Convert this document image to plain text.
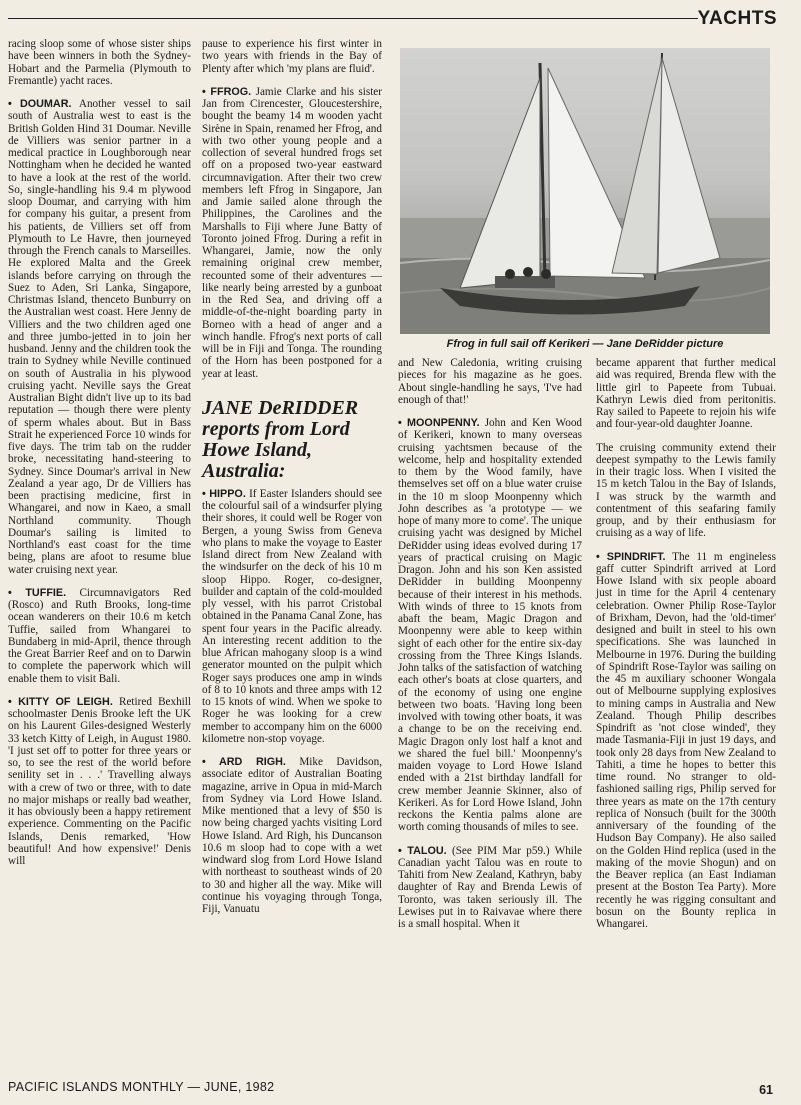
YACHTS

racing sloop some of whose sister ships have been winners in both the Sydney-Hobart and the Parmelia (Plymouth to Fremantle) yacht races.

• DOUMAR. Another vessel to sail south of Australia west to east is the British Golden Hind 31 Doumar. Neville de Villiers was senior partner in a medical practice in Loughborough near Nottingham when he decided he wanted to have a look at the rest of the world. So, single-handling his 9.4 m plywood sloop Doumar, and carrying with him for company his guitar, a present from his patients, de Villiers set off from Plymouth to Le Havre, then journeyed through the French canals to Marseilles. He explored Malta and the Greek islands before carrying on through the Suez to Aden, Sri Lanka, Singapore, Christmas Island, thenceto Bunburry on the Australian west coast. Here Jenny de Villiers and the two children aged one and three jumbo-jetted in to join her husband. Jenny and the children took the train to Sydney while Neville continued on south of Australia in his plywood cruising yacht. Neville says the Great Australian Bight didn't live up to its bad reputation — though there were plenty of sperm whales about. But in Bass Strait he experienced Force 10 winds for five days. The trim tab on the rudder broke, necessitating hand-steering to Sydney. Since Doumar's arrival in New Zealand a year ago, Dr de Villiers has been practising medicine, first in Whangarei, and now in Kaeo, a small Northland community. Though Doumar's sailing is limited to Northland's east coast for the time being, plans are afoot to resume blue water cruising next year.

• TUFFIE. Circumnavigators Red (Rosco) and Ruth Brooks, long-time ocean wanderers on their 10.6 m ketch Tuffie, sailed from Whangarei to Bundaberg in mid-April, thence through the Great Barrier Reef and on to Darwin to complete the paperwork which will enable them to visit Bali.

• KITTY OF LEIGH. Retired Bexhill schoolmaster Denis Brooke left the UK on his Laurent Giles-designed Westerly 33 ketch Kitty of Leigh, in August 1980. 'I just set off to potter for three years or so, to see the rest of the world before senility set in . . .' Travelling always with a crew of two or three, with to date no major mishaps or really bad weather, it has obviously been a happy retirement experience. Commenting on the Pacific Islands, Denis remarked, 'How beautiful! And how expensive!' Denis will

pause to experience his first winter in two years with friends in the Bay of Plenty after which 'my plans are fluid'.

• FFROG. Jamie Clarke and his sister Jan from Cirencester, Gloucestershire, bought the beamy 14 m wooden yacht Sirène in Spain, renamed her Ffrog, and with two other young people and a collection of several hundred frogs set off on a proposed two-year eastward circumnavigation. After their two crew members left Ffrog in Singapore, Jan and Jamie sailed alone through the Philippines, the Carolines and the Marshalls to Fiji where June Batty of Toronto joined Ffrog. During a refit in Whangarei, Jamie, now the only remaining original crew member, recounted some of their adventures — like nearly being arrested by a gunboat in the Red Sea, and driving off a middle-of-the-night boarding party in Borneo with a head of anger and a winch handle. Ffrog's next ports of call will be in Fiji and Tonga. The rounding of the Horn has been postponed for a year at least.

JANE DeRIDDER reports from Lord Howe Island, Australia:

• HIPPO. If Easter Islanders should see the colourful sail of a windsurfer plying their shores, it could well be Roger von Bergen, a young Swiss from Geneva who plans to make the voyage to Easter Island direct from New Zealand with the windsurfer on the deck of his 10 m sloop Hippo. Roger, co-designer, builder and captain of the cold-moulded ply vessel, with his parrot Cristobal obtained in the Panama Canal Zone, has spent four years in the Pacific already. An interesting recent addition to the blue African mahogany sloop is a wind generator mounted on the pulpit which Roger says produces one amp in winds of 8 to 10 knots and three amps with 12 to 15 knots of wind. When we spoke to Roger he was looking for a crew member to accompany him on the 6000 kilometre non-stop voyage.

• ARD RIGH. Mike Davidson, associate editor of Australian Boating magazine, arrive in Opua in mid-March from Sydney via Lord Howe Island. Mike mentioned that a levy of $50 is now being charged yachts visiting Lord Howe Island. Ard Righ, his Duncanson 10.6 m sloop had to cope with a wet windward slog from Lord Howe Island with northeast to southeast winds of 20 to 30 and higher all the way. Mike will continue his voyaging through Tonga, Fiji, Vanuatu

Ffrog in full sail off Kerikeri — Jane DeRidder picture

and New Caledonia, writing cruising pieces for his magazine as he goes. About single-handling he says, 'I've had enough of that!'

• MOONPENNY. John and Ken Wood of Kerikeri, known to many overseas cruising yachtsmen because of the welcome, help and hospitality extended to them by the Wood family, have themselves set off on a blue water cruise in the 10 m sloop Moonpenny which John describes as 'a prototype — we hope of many more to come'. The unique cruising yacht was designed by Michel DeRidder using ideas evolved during 17 years of practical cruising on Magic Dragon. John and his son Ken assisted DeRidder in building Moonpenny because of their interest in his methods. With winds of three to 15 knots from abaft the beam, Magic Dragon and Moonpenny were able to keep within sight of each other for the entire six-day crossing from the Three Kings Islands. John talks of the satisfaction of watching each other's boats at close quarters, and of the economy of using one engine between two boats. 'Having long been involved with towing other boats, it was a change to be on the receiving end. Magic Dragon only lost half a knot and we shared the fuel bill.' Moonpenny's maiden voyage to Lord Howe Island ended with a 21st birthday landfall for crew member Jeannie Skinner, also of Kerikeri. As for Lord Howe Island, John reckons the Kentia palms alone are worth coming thousands of miles to see.

• TALOU. (See PIM Mar p59.) While Canadian yacht Talou was en route to Tahiti from New Zealand, Kathryn, baby daughter of Ray and Brenda Lewis of Toronto, was taken seriously ill. The Lewises put in to Raivavae where there is a small hospital. When it

became apparent that further medical aid was required, Brenda flew with the little girl to Papeete from Tubuai. Kathryn Lewis died from peritonitis. Ray sailed to Papeete to rejoin his wife and four-year-old daughter Joanne.

The cruising community extend their deepest sympathy to the Lewis family in their tragic loss. When I visited the 15 m ketch Talou in the Bay of Islands, I was struck by the warmth and contentment of this seafaring family group, and by their enthusiasm for cruising as a way of life.

• SPINDRIFT. The 11 m engineless gaff cutter Spindrift arrived at Lord Howe Island with six people aboard just in time for the April 4 centenary celebration. Owner Philip Rose-Taylor of Brixham, Devon, had the 'old-timer' designed and built in steel to his own specifications. She was launched in Melbourne in 1976. During the building of Spindrift Rose-Taylor was sailing on the 45 m auxiliary schooner Wongala out of Melbourne supplying explosives to mining camps in Australia and New Zealand. Though Philip describes Spindrift as 'not close winded', they made Tasmania-Fiji in just 19 days, and took only 28 days from New Zealand to Tahiti, a time he hopes to better this time round. No stranger to old-fashioned sailing rigs, Philip served for three years as mate on the 17th century replica of Nonsuch (built for the 300th anniversary of the founding of the Hudson Bay Company). He also sailed on the Golden Hind replica (used in the making of the movie Shogun) and on the Beaver replica (an East Indiaman present at the Boston Tea Party). More recently he was rigging consultant and bosun on the Bounty replica in Whangarei.

PACIFIC ISLANDS MONTHLY — JUNE, 1982	61
